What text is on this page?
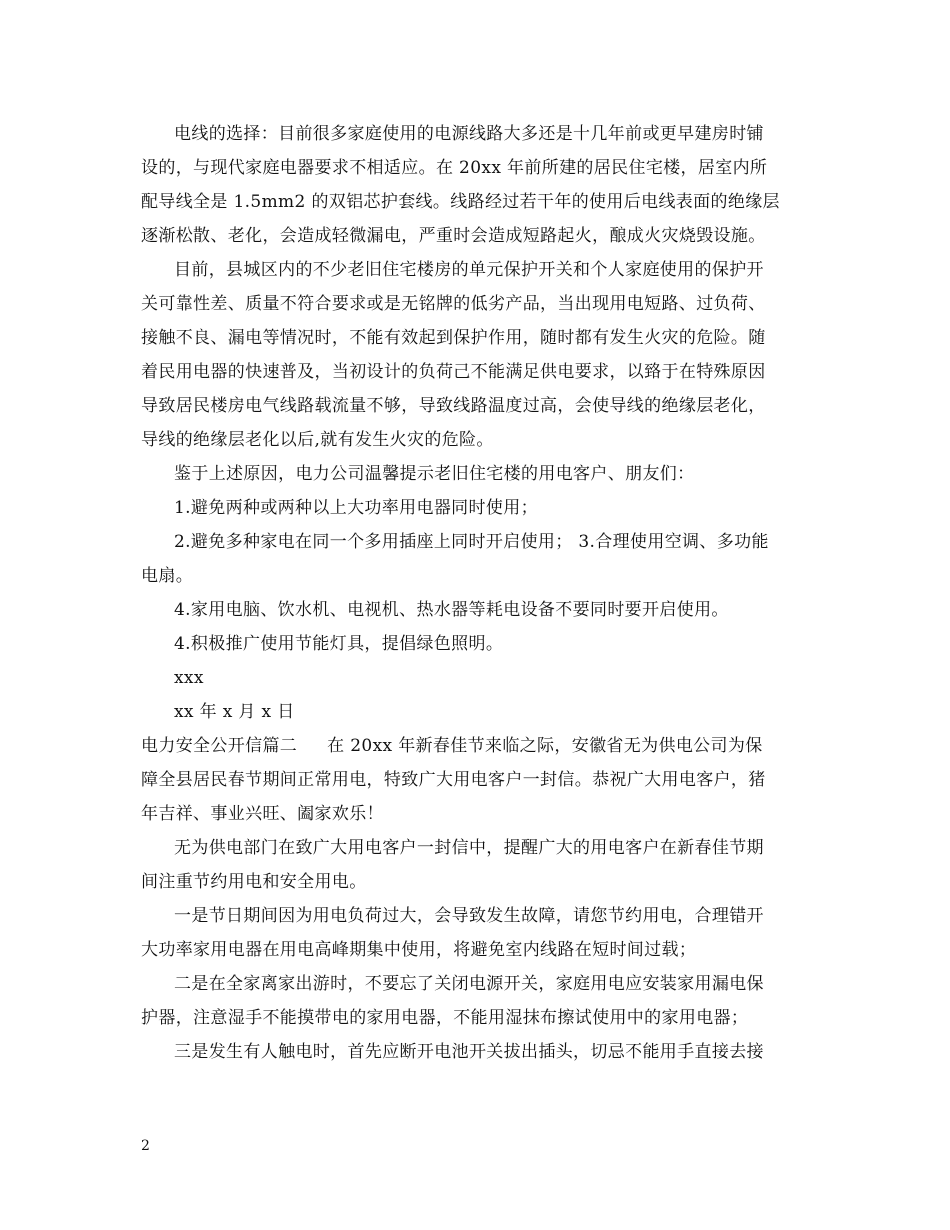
电线的选择：目前很多家庭使用的电源线路大多还是十几年前或更早建房时铺
设的，与现代家庭电器要求不相适应。在 20xx 年前所建的居民住宅楼，居室内所
配导线全是 1.5mm2 的双铝芯护套线。线路经过若干年的使用后电线表面的绝缘层
逐渐松散、老化，会造成轻微漏电，严重时会造成短路起火，酿成火灾烧毁设施。
目前，县城区内的不少老旧住宅楼房的单元保护开关和个人家庭使用的保护开
关可靠性差、质量不符合要求或是无铭牌的低劣产品，当出现用电短路、过负荷、
接触不良、漏电等情况时，不能有效起到保护作用，随时都有发生火灾的危险。随
着民用电器的快速普及，当初设计的负荷己不能满足供电要求，以臵于在特殊原因
导致居民楼房电气线路载流量不够，导致线路温度过高，会使导线的绝缘层老化，
导线的绝缘层老化以后,就有发生火灾的危险。
鉴于上述原因，电力公司温馨提示老旧住宅楼的用电客户、朋友们：
1.避免两种或两种以上大功率用电器同时使用；
2.避免多种家电在同一个多用插座上同时开启使用； 3.合理使用空调、多功能
电扇。
4.家用电脑、饮水机、电视机、热水器等耗电设备不要同时要开启使用。
4.积极推广使用节能灯具，提倡绿色照明。
xxx
xx 年 x 月 x 日
电力安全公开信篇二 在 20xx 年新春佳节来临之际，安徽省无为供电公司为保
障全县居民春节期间正常用电，特致广大用电客户一封信。恭祝广大用电客户，猪
年吉祥、事业兴旺、阖家欢乐！
无为供电部门在致广大用电客户一封信中，提醒广大的用电客户在新春佳节期
间注重节约用电和安全用电。
一是节日期间因为用电负荷过大，会导致发生故障，请您节约用电，合理错开
大功率家用电器在用电高峰期集中使用，将避免室内线路在短时间过载；
二是在全家离家出游时，不要忘了关闭电源开关，家庭用电应安装家用漏电保
护器，注意湿手不能摸带电的家用电器，不能用湿抹布擦试使用中的家用电器；
三是发生有人触电时，首先应断开电池开关拔出插头，切忌不能用手直接去接
2
